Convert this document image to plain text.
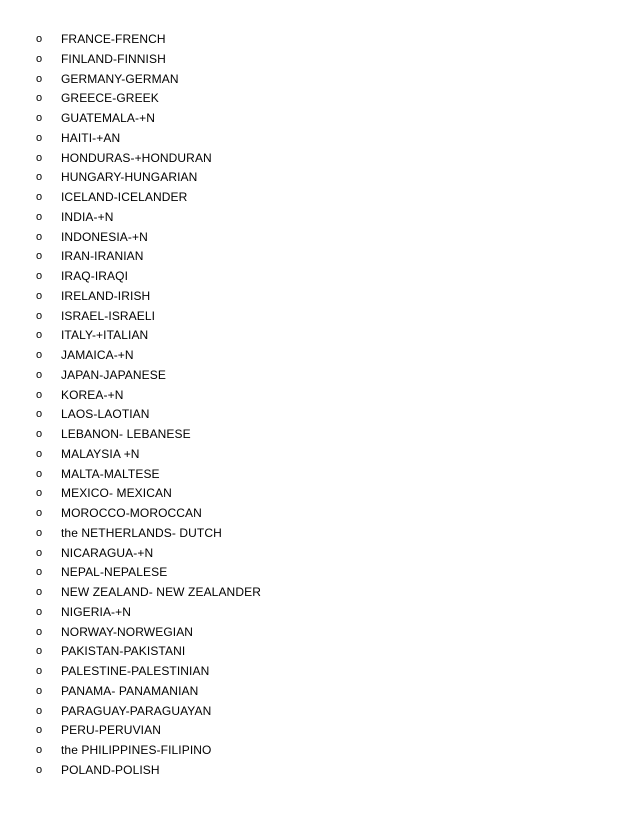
o FRANCE-FRENCH
o FINLAND-FINNISH
o GERMANY-GERMAN
o GREECE-GREEK
o GUATEMALA-+N
o HAITI-+AN
o HONDURAS-+HONDURAN
o HUNGARY-HUNGARIAN
o ICELAND-ICELANDER
o INDIA-+N
o INDONESIA-+N
o IRAN-IRANIAN
o IRAQ-IRAQI
o IRELAND-IRISH
o ISRAEL-ISRAELI
o ITALY-+ITALIAN
o JAMAICA-+N
o JAPAN-JAPANESE
o KOREA-+N
o LAOS-LAOTIAN
o LEBANON- LEBANESE
o MALAYSIA +N
o MALTA-MALTESE
o MEXICO- MEXICAN
o MOROCCO-MOROCCAN
o the NETHERLANDS- DUTCH
o NICARAGUA-+N
o NEPAL-NEPALESE
o NEW ZEALAND- NEW ZEALANDER
o NIGERIA-+N
o NORWAY-NORWEGIAN
o PAKISTAN-PAKISTANI
o PALESTINE-PALESTINIAN
o PANAMA- PANAMANIAN
o PARAGUAY-PARAGUAYAN
o PERU-PERUVIAN
o the PHILIPPINES-FILIPINO
o POLAND-POLISH
